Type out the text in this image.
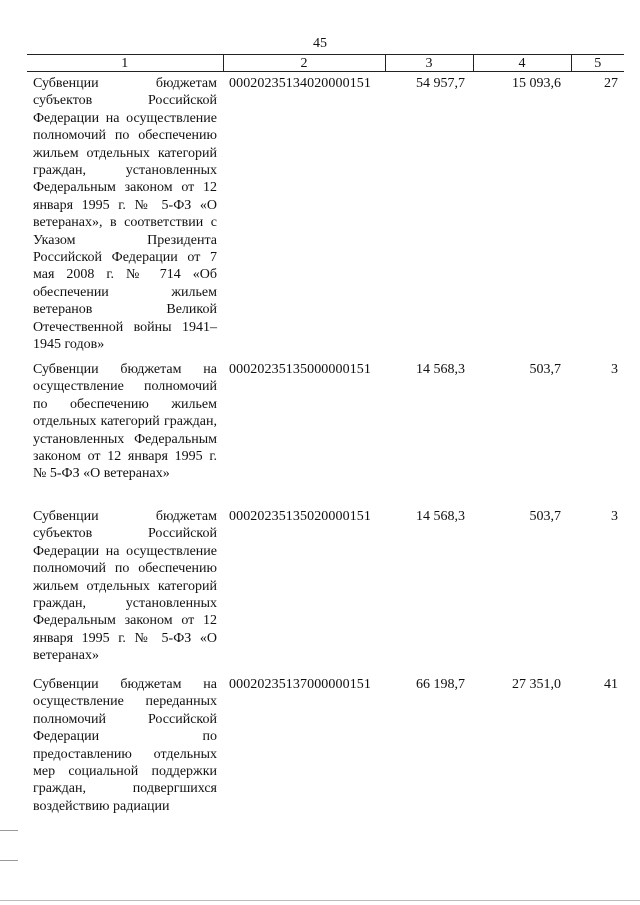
45
1	2	3	4	5
Субвенции бюджетам субъектов Российской Федерации на осуществление полномочий по обеспечению жильем отдельных категорий граждан, установленных Федеральным законом от 12 января 1995 г. № 5-ФЗ «О ветеранах», в соответствии с Указом Президента Российской Федерации от 7 мая 2008 г. № 714 «Об обеспечении жильем ветеранов Великой Отечественной войны 1941–1945 годов»	00020235134020000151	54 957,7	15 093,6	27
Субвенции бюджетам на осуществление полномочий по обеспечению жильем отдельных категорий граждан, установленных Федеральным законом от 12 января 1995 г. № 5-ФЗ «О ветеранах»	00020235135000000151	14 568,3	503,7	3
Субвенции бюджетам субъектов Российской Федерации на осуществление полномочий по обеспечению жильем отдельных категорий граждан, установленных Федеральным законом от 12 января 1995 г. № 5-ФЗ «О ветеранах»	00020235135020000151	14 568,3	503,7	3
Субвенции бюджетам на осуществление переданных полномочий Российской Федерации по предоставлению отдельных мер социальной поддержки граждан, подвергшихся воздействию радиации	00020235137000000151	66 198,7	27 351,0	41
